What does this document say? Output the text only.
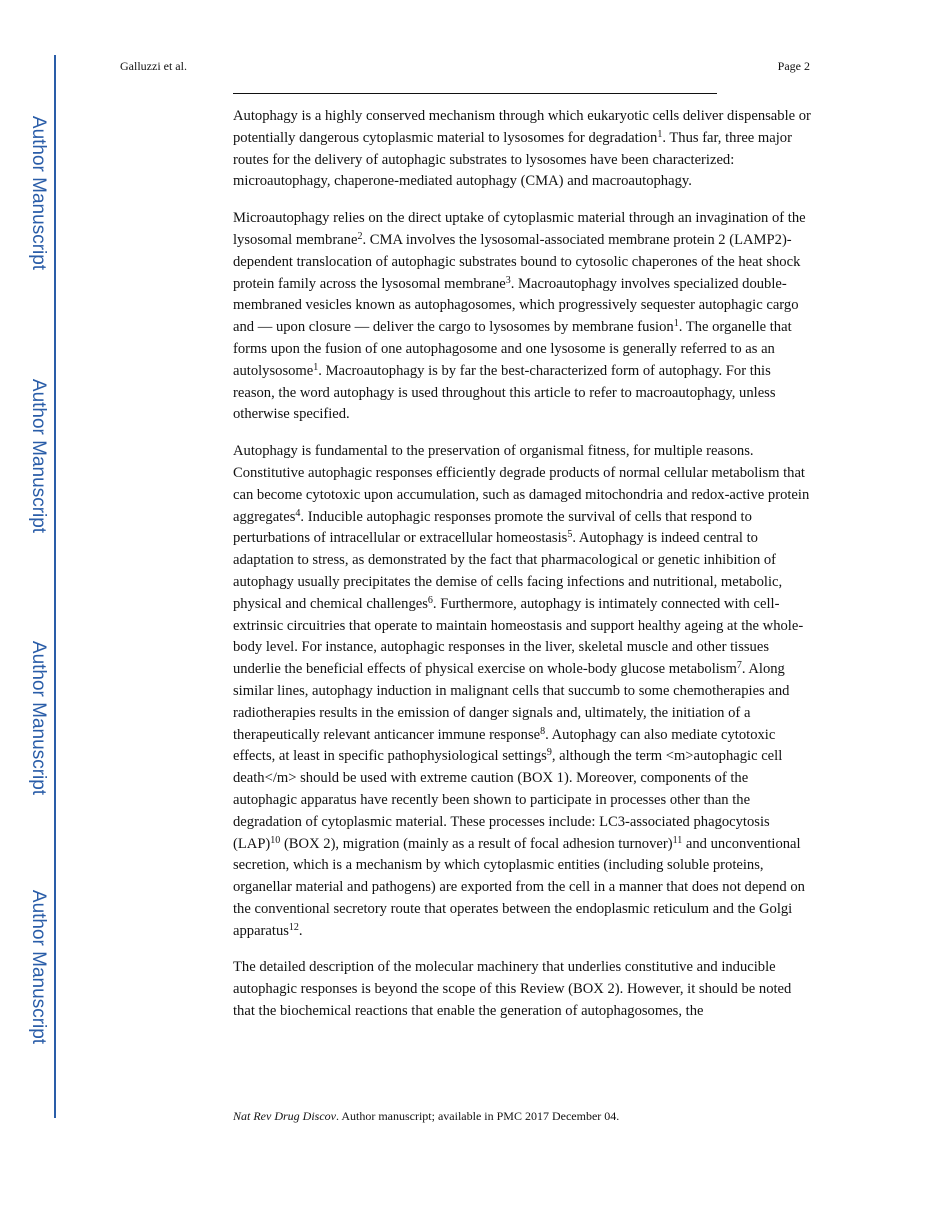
Author Manuscript
Author Manuscript
Author Manuscript
Author Manuscript
Galluzzi et al.	Page 2

Autophagy is a highly conserved mechanism through which eukaryotic cells deliver dispensable or potentially dangerous cytoplasmic material to lysosomes for degradation$^1$. Thus far, three major routes for the delivery of autophagic substrates to lysosomes have been characterized: microautophagy, chaperone-mediated autophagy (CMA) and macroautophagy.

Microautophagy relies on the direct uptake of cytoplasmic material through an invagination of the lysosomal membrane$^2$. CMA involves the lysosomal-associated membrane protein 2 (LAMP2)-dependent translocation of autophagic substrates bound to cytosolic chaperones of the heat shock protein family across the lysosomal membrane$^3$. Macroautophagy involves specialized double-membraned vesicles known as autophagosomes, which progressively sequester autophagic cargo and — upon closure — deliver the cargo to lysosomes by membrane fusion$^1$. The organelle that forms upon the fusion of one autophagosome and one lysosome is generally referred to as an autolysosome$^1$. Macroautophagy is by far the best-characterized form of autophagy. For this reason, the word autophagy is used throughout this article to refer to macroautophagy, unless otherwise specified.

Autophagy is fundamental to the preservation of organismal fitness, for multiple reasons. Constitutive autophagic responses efficiently degrade products of normal cellular metabolism that can become cytotoxic upon accumulation, such as damaged mitochondria and redox-active protein aggregates$^4$. Inducible autophagic responses promote the survival of cells that respond to perturbations of intracellular or extracellular homeostasis$^5$. Autophagy is indeed central to adaptation to stress, as demonstrated by the fact that pharmacological or genetic inhibition of autophagy usually precipitates the demise of cells facing infections and nutritional, metabolic, physical and chemical challenges$^6$. Furthermore, autophagy is intimately connected with cell-extrinsic circuitries that operate to maintain homeostasis and support healthy ageing at the whole-body level. For instance, autophagic responses in the liver, skeletal muscle and other tissues underlie the beneficial effects of physical exercise on whole-body glucose metabolism$^7$. Along similar lines, autophagy induction in malignant cells that succumb to some chemotherapies and radiotherapies results in the emission of danger signals and, ultimately, the initiation of a therapeutically relevant anticancer immune response$^8$. Autophagy can also mediate cytotoxic effects, at least in specific pathophysiological settings$^9$, although the term <m>autophagic cell death</m> should be used with extreme caution (BOX 1). Moreover, components of the autophagic apparatus have recently been shown to participate in processes other than the degradation of cytoplasmic material. These processes include: LC3-associated phagocytosis (LAP)$^{10}$ (BOX 2), migration (mainly as a result of focal adhesion turnover)$^{11}$ and unconventional secretion, which is a mechanism by which cytoplasmic entities (including soluble proteins, organellar material and pathogens) are exported from the cell in a manner that does not depend on the conventional secretory route that operates between the endoplasmic reticulum and the Golgi apparatus$^{12}$.

The detailed description of the molecular machinery that underlies constitutive and inducible autophagic responses is beyond the scope of this Review (BOX 2). However, it should be noted that the biochemical reactions that enable the generation of autophagosomes, the

Nat Rev Drug Discov. Author manuscript; available in PMC 2017 December 04.
